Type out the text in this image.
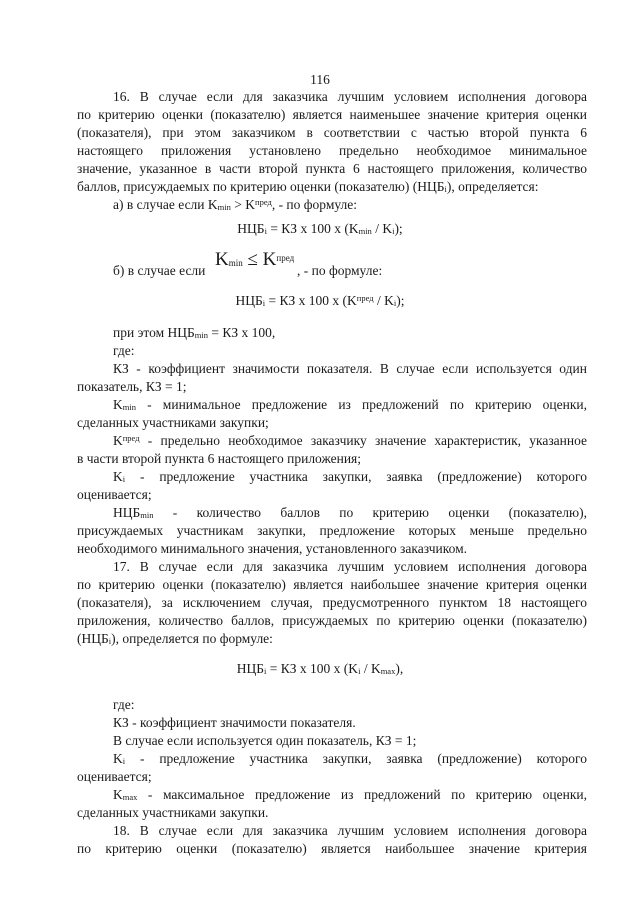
116
16. В случае если для заказчика лучшим условием исполнения договора
по критерию оценки (показателю) является наименьшее значение критерия оценки
(показателя), при этом заказчиком в соответствии с частью второй пункта 6
настоящего приложения установлено предельно необходимое минимальное
значение, указанное в части второй пункта 6 настоящего приложения, количество
баллов, присуждаемых по критерию оценки (показателю) $(НЦБ_i)$, определяется:
а) в случае если $K_{min} > K^{пред}$, - по формуле:
$НЦБ_i$ = КЗ x 100 x $(K_{min} / K_i)$;
б) в случае если
$K_{min} \le K^{пред}$
, - по формуле:
$НЦБ_i$ = КЗ x 100 x $(K^{пред} / K_i)$;
при этом $НЦБ_{min}$ = КЗ x 100,
где:
КЗ - коэффициент значимости показателя. В случае если используется один
показатель, КЗ = 1;
$K_{min}$ - минимальное предложение из предложений по критерию оценки,
сделанных участниками закупки;
$K^{пред}$ - предельно необходимое заказчику значение характеристик, указанное
в части второй пункта 6 настоящего приложения;
$K_i$ - предложение участника закупки, заявка (предложение) которого
оценивается;
$НЦБ_{min}$ - количество баллов по критерию оценки (показателю),
присуждаемых участникам закупки, предложение которых меньше предельно
необходимого минимального значения, установленного заказчиком.
17. В случае если для заказчика лучшим условием исполнения договора
по критерию оценки (показателю) является наибольшее значение критерия оценки
(показателя), за исключением случая, предусмотренного пунктом 18 настоящего
приложения, количество баллов, присуждаемых по критерию оценки (показателю)
$(НЦБ_i)$, определяется по формуле:
$НЦБ_i$ = КЗ x 100 x $(K_i / K_{max})$,
где:
КЗ - коэффициент значимости показателя.
В случае если используется один показатель, КЗ = 1;
$K_i$ - предложение участника закупки, заявка (предложение) которого
оценивается;
$K_{max}$ - максимальное предложение из предложений по критерию оценки,
сделанных участниками закупки.
18. В случае если для заказчика лучшим условием исполнения договора
по критерию оценки (показателю) является наибольшее значение критерия
